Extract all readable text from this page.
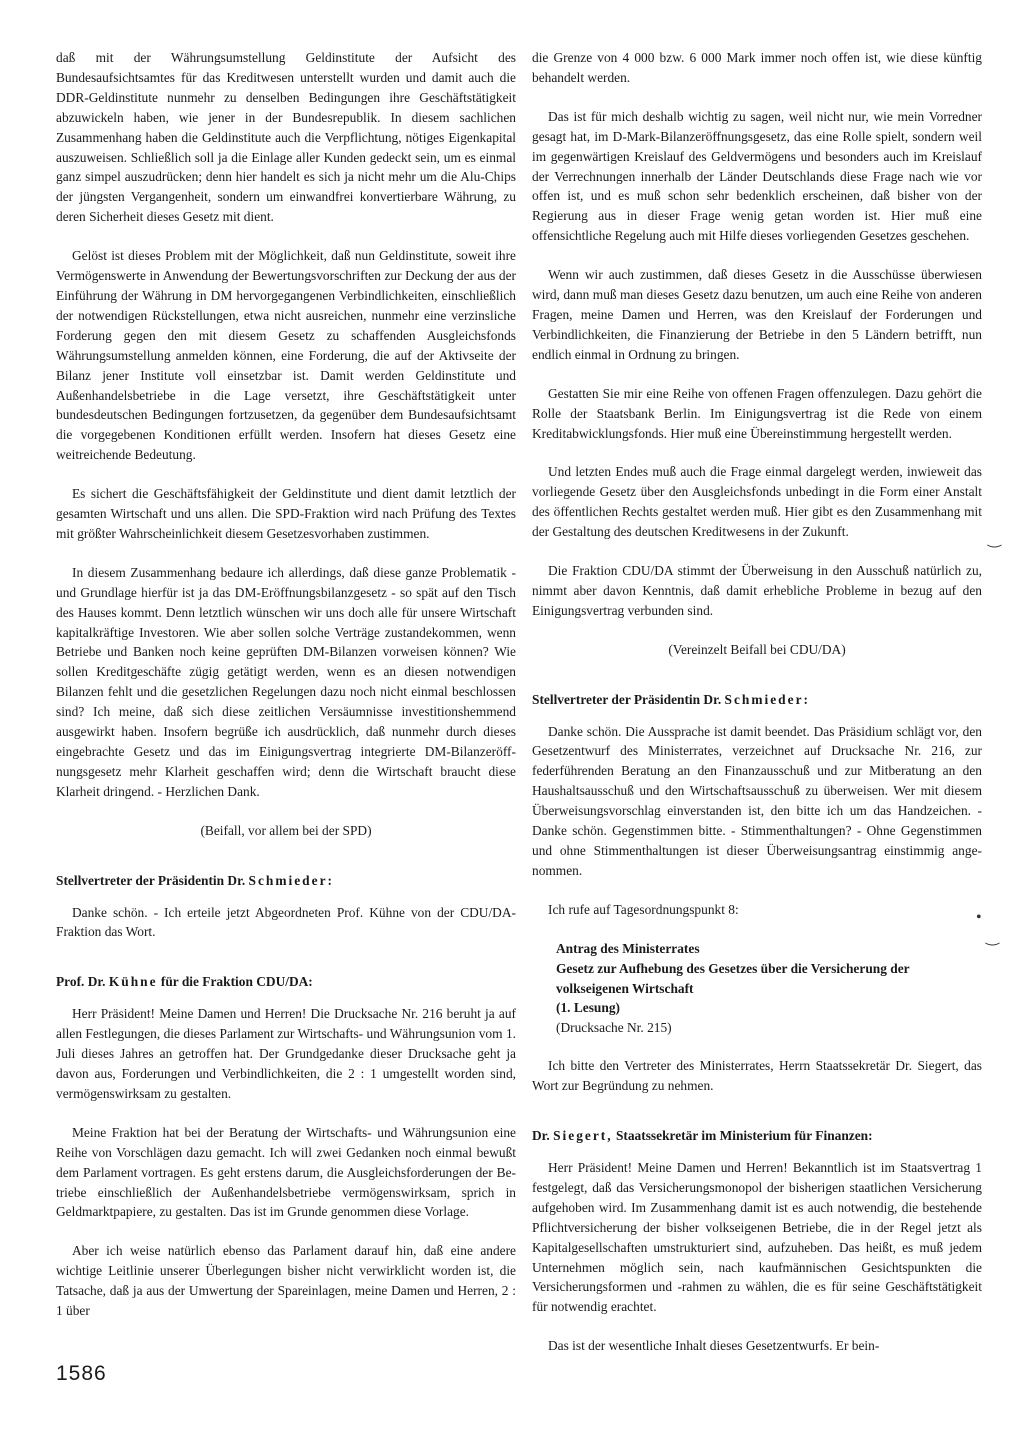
daß mit der Währungsumstellung Geldinstitute der Aufsicht des Bundesaufsichtsamtes für das Kreditwesen unterstellt wurden und damit auch die DDR-Geldinstitute nunmehr zu denselben Bedingungen ihre Geschäftstätigkeit abzuwickeln haben, wie jener in der Bundesrepublik. In diesem sachlichen Zusammenhang haben die Geldinstitute auch die Verpflichtung, nötiges Eigenkapital auszuweisen. Schließlich soll ja die Einlage aller Kunden gedeckt sein, um es einmal ganz simpel auszudrücken; denn hier handelt es sich ja nicht mehr um die Alu-Chips der jüngsten Vergangenheit, sondern um einwandfrei konvertierbare Währung, zu deren Sicherheit dieses Gesetz mit dient.

Gelöst ist dieses Problem mit der Möglichkeit, daß nun Geldinstitute, soweit ihre Vermögenswerte in Anwendung der Bewertungsvorschriften zur Deckung der aus der Einführung der Währung in DM hervorgegangenen Verbindlichkeiten, einschließlich der notwendigen Rückstellungen, etwa nicht ausreichen, nunmehr eine verzinsliche Forderung gegen den mit diesem Gesetz zu schaffenden Ausgleichsfonds Währungsumstellung anmelden können, eine Forderung, die auf der Aktivseite der Bilanz jener Institute voll einsetzbar ist. Damit werden Geldinstitute und Außenhandelsbetriebe in die Lage versetzt, ihre Geschäftstätigkeit unter bundesdeutschen Bedingungen fortzusetzen, da gegenüber dem Bundesaufsichtsamt die vorgegebenen Konditionen erfüllt werden. Insofern hat dieses Gesetz eine weitreichende Bedeutung.

Es sichert die Geschäftsfähigkeit der Geldinstitute und dient damit letztlich der gesamten Wirtschaft und uns allen. Die SPD-Fraktion wird nach Prüfung des Textes mit größter Wahrscheinlichkeit diesem Gesetzesvorhaben zustimmen.

In diesem Zusammenhang bedaure ich allerdings, daß diese ganze Problematik - und Grundlage hierfür ist ja das DM-Eröffnungsbilanzgesetz - so spät auf den Tisch des Hauses kommt. Denn letztlich wünschen wir uns doch alle für unsere Wirtschaft kapitalkräftige Investoren. Wie aber sollen solche Verträge zustandekommen, wenn Betriebe und Banken noch keine geprüften DM-Bilanzen vorweisen können? Wie sollen Kreditgeschäfte zügig getätigt werden, wenn es an diesen notwendigen Bilanzen fehlt und die gesetzlichen Regelungen dazu noch nicht einmal beschlossen sind? Ich meine, daß sich diese zeitlichen Versäumnisse investitionshemmend ausgewirkt haben. Insofern begrüße ich ausdrücklich, daß nunmehr durch dieses eingebrachte Gesetz und das im Einigungsvertrag integrierte DM-Bilanzeröffnungsgesetz mehr Klarheit geschaffen wird; denn die Wirtschaft braucht diese Klarheit dringend. - Herzlichen Dank.

(Beifall, vor allem bei der SPD)

Stellvertreter der Präsidentin Dr. Schmieder:

Danke schön. - Ich erteile jetzt Abgeordneten Prof. Kühne von der CDU/DA-Fraktion das Wort.

Prof. Dr. Kühne für die Fraktion CDU/DA:

Herr Präsident! Meine Damen und Herren! Die Drucksache Nr. 216 beruht ja auf allen Festlegungen, die dieses Parlament zur Wirtschafts- und Währungsunion vom 1. Juli dieses Jahres an getroffen hat. Der Grundgedanke dieser Drucksache geht ja davon aus, Forderungen und Verbindlichkeiten, die 2 : 1 umgestellt worden sind, vermögenswirksam zu gestalten.

Meine Fraktion hat bei der Beratung der Wirtschafts- und Währungsunion eine Reihe von Vorschlägen dazu gemacht. Ich will zwei Gedanken noch einmal bewußt dem Parlament vortragen. Es geht erstens darum, die Ausgleichsforderungen der Betriebe einschließlich der Außenhandelsbetriebe vermögenswirksam, sprich in Geldmarktpapiere, zu gestalten. Das ist im Grunde genommen diese Vorlage.

Aber ich weise natürlich ebenso das Parlament darauf hin, daß eine andere wichtige Leitlinie unserer Überlegungen bisher nicht verwirklicht worden ist, die Tatsache, daß ja aus der Umwertung der Spareinlagen, meine Damen und Herren, 2 : 1 über

die Grenze von 4 000 bzw. 6 000 Mark immer noch offen ist, wie diese künftig behandelt werden.

Das ist für mich deshalb wichtig zu sagen, weil nicht nur, wie mein Vorredner gesagt hat, im D-Mark-Bilanzeröffnungsgesetz, das eine Rolle spielt, sondern weil im gegenwärtigen Kreislauf des Geldvermögens und besonders auch im Kreislauf der Verrechnungen innerhalb der Länder Deutschlands diese Frage nach wie vor offen ist, und es muß schon sehr bedenklich erscheinen, daß bisher von der Regierung aus in dieser Frage wenig getan worden ist. Hier muß eine offensichtliche Regelung auch mit Hilfe dieses vorliegenden Gesetzes geschehen.

Wenn wir auch zustimmen, daß dieses Gesetz in die Ausschüsse überwiesen wird, dann muß man dieses Gesetz dazu benutzen, um auch eine Reihe von anderen Fragen, meine Damen und Herren, was den Kreislauf der Forderungen und Verbindlichkeiten, die Finanzierung der Betriebe in den 5 Ländern betrifft, nun endlich einmal in Ordnung zu bringen.

Gestatten Sie mir eine Reihe von offenen Fragen offenzulegen. Dazu gehört die Rolle der Staatsbank Berlin. Im Einigungsvertrag ist die Rede von einem Kreditabwicklungsfonds. Hier muß eine Übereinstimmung hergestellt werden.

Und letzten Endes muß auch die Frage einmal dargelegt werden, inwieweit das vorliegende Gesetz über den Ausgleichsfonds unbedingt in die Form einer Anstalt des öffentlichen Rechts gestaltet werden muß. Hier gibt es den Zusammenhang mit der Gestaltung des deutschen Kreditwesens in der Zukunft.

Die Fraktion CDU/DA stimmt der Überweisung in den Ausschuß natürlich zu, nimmt aber davon Kenntnis, daß damit erhebliche Probleme in bezug auf den Einigungsvertrag verbunden sind.

(Vereinzelt Beifall bei CDU/DA)

Stellvertreter der Präsidentin Dr. Schmieder:

Danke schön. Die Aussprache ist damit beendet. Das Präsidium schlägt vor, den Gesetzentwurf des Ministerrates, verzeichnet auf Drucksache Nr. 216, zur federführenden Beratung an den Finanzausschuß und zur Mitberatung an den Haushaltsausschuß und den Wirtschaftsausschuß zu überweisen. Wer mit diesem Überweisungsvorschlag einverstanden ist, den bitte ich um das Handzeichen. - Danke schön. Gegenstimmen bitte. - Stimmenthaltungen? - Ohne Gegenstimmen und ohne Stimmenthaltungen ist dieser Überweisungsantrag einstimmig angenommen.

Ich rufe auf Tagesordnungspunkt 8:

Antrag des Ministerrates
Gesetz zur Aufhebung des Gesetzes über die Versicherung der volkseigenen Wirtschaft
(1. Lesung)
(Drucksache Nr. 215)

Ich bitte den Vertreter des Ministerrates, Herrn Staatssekretär Dr. Siegert, das Wort zur Begründung zu nehmen.

Dr. Siegert, Staatssekretär im Ministerium für Finanzen:

Herr Präsident! Meine Damen und Herren! Bekanntlich ist im Staatsvertrag 1 festgelegt, daß das Versicherungsmonopol der bisherigen staatlichen Versicherung aufgehoben wird. Im Zusammenhang damit ist es auch notwendig, die bestehende Pflichtversicherung der bisher volkseigenen Betriebe, die in der Regel jetzt als Kapitalgesellschaften umstrukturiert sind, aufzuheben. Das heißt, es muß jedem Unternehmen möglich sein, nach kaufmännischen Gesichtspunkten die Versicherungsformen und -rahmen zu wählen, die es für seine Geschäftstätigkeit für notwendig erachtet.

Das ist der wesentliche Inhalt dieses Gesetzentwurfs. Er bein-

‿
•
‿
1586
